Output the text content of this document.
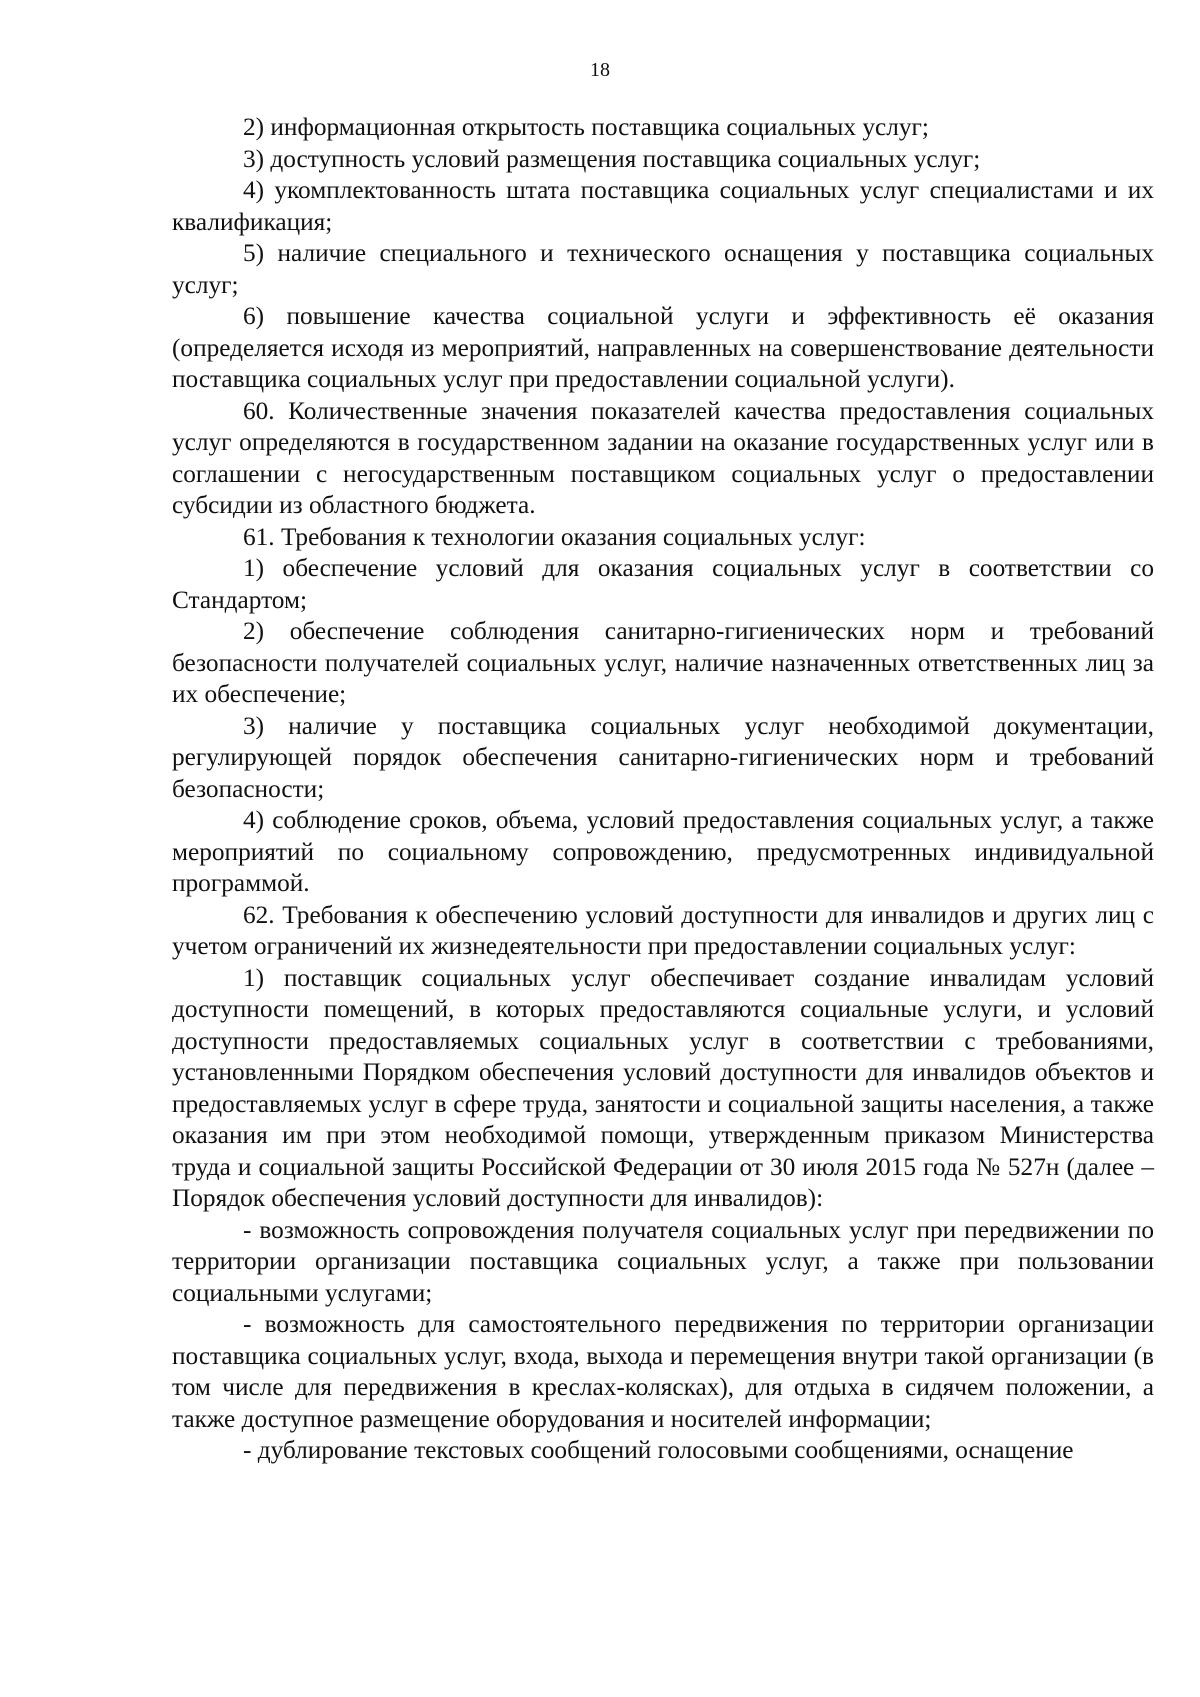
18

2) информационная открытость поставщика социальных услуг;

3) доступность условий размещения поставщика социальных услуг;

4) укомплектованность штата поставщика социальных услуг специалистами и их квалификация;

5) наличие специального и технического оснащения у поставщика социальных услуг;

6) повышение качества социальной услуги и эффективность её оказания (определяется исходя из мероприятий, направленных на совершенствование деятельности поставщика социальных услуг при предоставлении социальной услуги).

60. Количественные значения показателей качества предоставления социальных услуг определяются в государственном задании на оказание государственных услуг или в соглашении с негосударственным поставщиком социальных услуг о предоставлении субсидии из областного бюджета.

61. Требования к технологии оказания социальных услуг:

1) обеспечение условий для оказания социальных услуг в соответствии со Стандартом;

2) обеспечение соблюдения санитарно-гигиенических норм и требований безопасности получателей социальных услуг, наличие назначенных ответственных лиц за их обеспечение;

3) наличие у поставщика социальных услуг необходимой документации, регулирующей порядок обеспечения санитарно-гигиенических норм и требований безопасности;

4) соблюдение сроков, объема, условий предоставления социальных услуг, а также мероприятий по социальному сопровождению, предусмотренных индивидуальной программой.

62. Требования к обеспечению условий доступности для инвалидов и других лиц с учетом ограничений их жизнедеятельности при предоставлении социальных услуг:

1) поставщик социальных услуг обеспечивает создание инвалидам условий доступности помещений, в которых предоставляются социальные услуги, и условий доступности предоставляемых социальных услуг в соответствии с требованиями, установленными Порядком обеспечения условий доступности для инвалидов объектов и предоставляемых услуг в сфере труда, занятости и социальной защиты населения, а также оказания им при этом необходимой помощи, утвержденным приказом Министерства труда и социальной защиты Российской Федерации от 30 июля 2015 года № 527н (далее – Порядок обеспечения условий доступности для инвалидов):

- возможность сопровождения получателя социальных услуг при передвижении по территории организации поставщика социальных услуг, а также при пользовании социальными услугами;

- возможность для самостоятельного передвижения по территории организации поставщика социальных услуг, входа, выхода и перемещения внутри такой организации (в том числе для передвижения в креслах-колясках), для отдыха в сидячем положении, а также доступное размещение оборудования и носителей информации;

- дублирование текстовых сообщений голосовыми сообщениями, оснащение
